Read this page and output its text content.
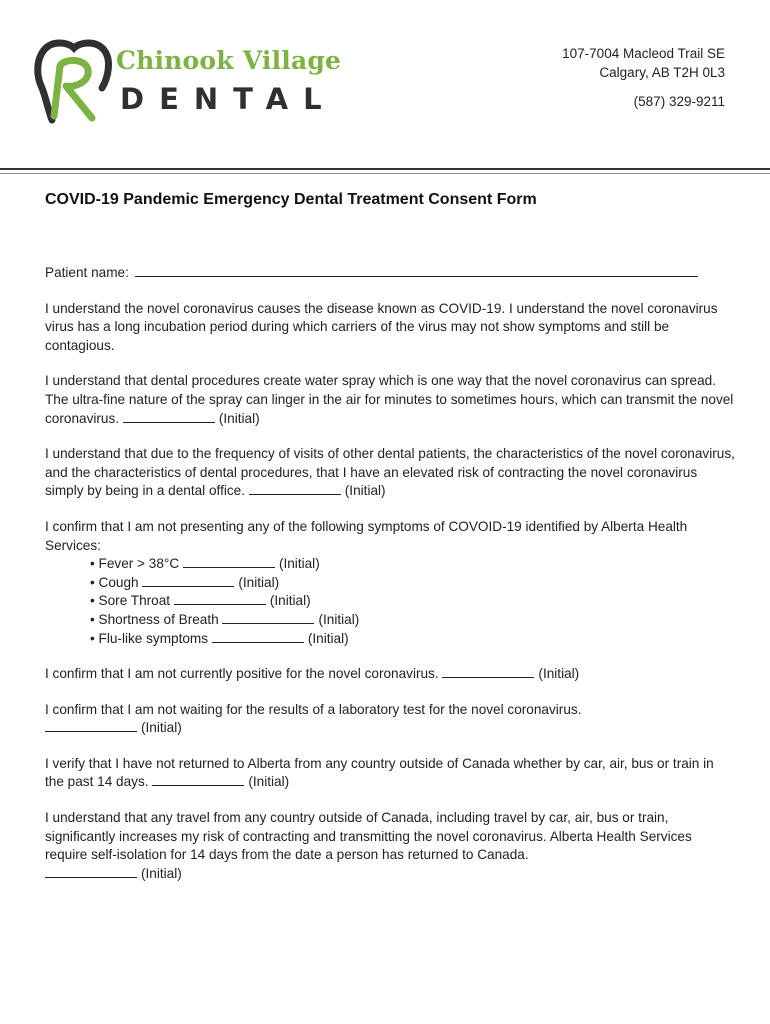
Chinook Village
DENTAL
107-7004 Macleod Trail SE
Calgary, AB T2H 0L3
(587) 329-9211
COVID-19 Pandemic Emergency Dental Treatment Consent Form

Patient name:

I understand the novel coronavirus causes the disease known as COVID-19. I understand the novel coronavirus virus has a long incubation period during which carriers of the virus may not show symptoms and still be contagious.

I understand that dental procedures create water spray which is one way that the novel coronavirus can spread. The ultra-fine nature of the spray can linger in the air for minutes to sometimes hours, which can transmit the novel coronavirus.	(Initial)

I understand that due to the frequency of visits of other dental patients, the characteristics of the novel coronavirus, and the characteristics of dental procedures, that I have an elevated risk of contracting the novel coronavirus simply by being in a dental office.	(Initial)

I confirm that I am not presenting any of the following symptoms of COVOID-19 identified by Alberta Health Services:

• Fever > 38°C	(Initial)
• Cough	(Initial)
• Sore Throat	(Initial)
• Shortness of Breath	(Initial)
• Flu-like symptoms	(Initial)

I confirm that I am not currently positive for the novel coronavirus.	(Initial)

I confirm that I am not waiting for the results of a laboratory test for the novel coronavirus.
(Initial)

I verify that I have not returned to Alberta from any country outside of Canada whether by car, air, bus or train in the past 14 days.	(Initial)

I understand that any travel from any country outside of Canada, including travel by car, air, bus or train, significantly increases my risk of contracting and transmitting the novel coronavirus. Alberta Health Services require self-isolation for 14 days from the date a person has returned to Canada.
(Initial)
